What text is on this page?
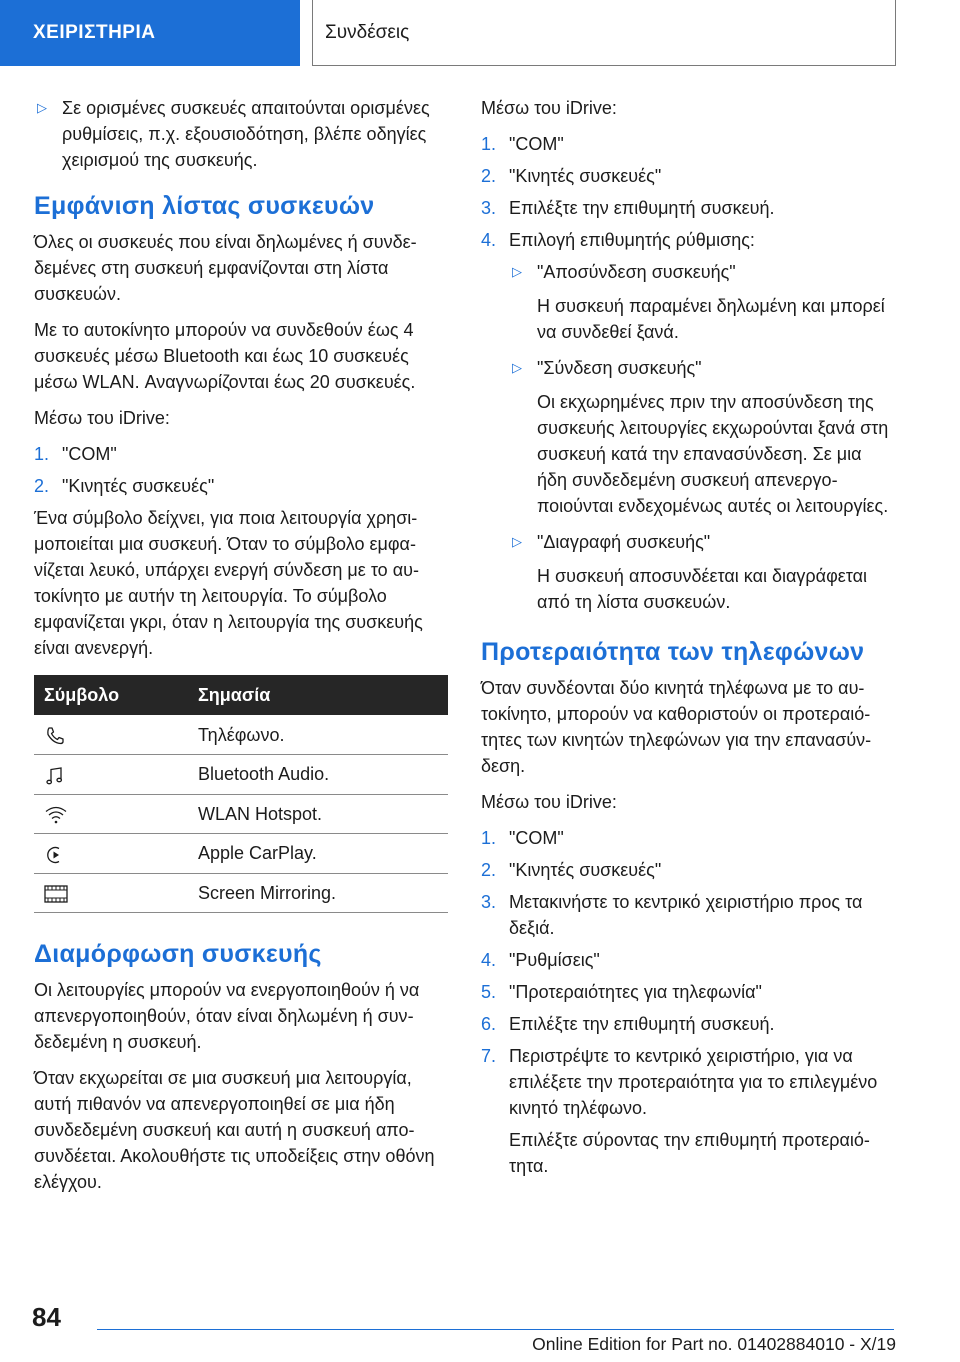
ΧΕΙΡΙΣΤΗΡΙΑ	Συνδέσεις
▷ Σε ορισμένες συσκευές απαιτούνται ορισμένες ρυθμίσεις, π.χ. εξουσιοδότηση, βλέπε οδηγίες χειρισμού της συσκευής.
Εμφάνιση λίστας συσκευών

Όλες οι συσκευές που είναι δηλωμένες ή συνδεδεμένες στη συσκευή εμφανίζονται στη λίστα συσκευών.

Με το αυτοκίνητο μπορούν να συνδεθούν έως 4 συσκευές μέσω Bluetooth και έως 10 συσκευές μέσω WLAN. Αναγνωρίζονται έως 20 συσκευές.

Μέσω του iDrive:

1. "COM"
2. "Κινητές συσκευές"

Ένα σύμβολο δείχνει, για ποια λειτουργία χρησιμοποιείται μια συσκευή. Όταν το σύμβολο εμφανίζεται λευκό, υπάρχει ενεργή σύνδεση με το αυτοκίνητο με αυτήν τη λειτουργία. Το σύμβολο εμφανίζεται γκρι, όταν η λειτουργία της συσκευής είναι ανενεργή.

Σύμβολο	Σημασία
	Τηλέφωνο.
	Bluetooth Audio.
	WLAN Hotspot.
	Apple CarPlay.
	Screen Mirroring.
Διαμόρφωση συσκευής

Οι λειτουργίες μπορούν να ενεργοποιηθούν ή να απενεργοποιηθούν, όταν είναι δηλωμένη ή συνδεδεμένη η συσκευή.

Όταν εκχωρείται σε μια συσκευή μια λειτουργία, αυτή πιθανόν να απενεργοποιηθεί σε μια ήδη συνδεδεμένη συσκευή και αυτή η συσκευή αποσυνδέεται. Ακολουθήστε τις υποδείξεις στην οθόνη ελέγχου.

Μέσω του iDrive:

1. "COM"
2. "Κινητές συσκευές"
3. Επιλέξτε την επιθυμητή συσκευή.
4. Επιλογή επιθυμητής ρύθμισης:
▷ "Αποσύνδεση συσκευής"
Η συσκευή παραμένει δηλωμένη και μπορεί να συνδεθεί ξανά.
▷ "Σύνδεση συσκευής"
Οι εκχωρημένες πριν την αποσύνδεση της συσκευής λειτουργίες εκχωρούνται ξανά στη συσκευή κατά την επανασύνδεση. Σε μια ήδη συνδεδεμένη συσκευή απενεργοποιούνται ενδεχομένως αυτές οι λειτουργίες.
▷ "Διαγραφή συσκευής"
Η συσκευή αποσυνδέεται και διαγράφεται από τη λίστα συσκευών.
Προτεραιότητα των τηλεφώνων

Όταν συνδέονται δύο κινητά τηλέφωνα με το αυτοκίνητο, μπορούν να καθοριστούν οι προτεραιότητες των κινητών τηλεφώνων για την επανασύνδεση.

Μέσω του iDrive:

1. "COM"
2. "Κινητές συσκευές"
3. Μετακινήστε το κεντρικό χειριστήριο προς τα δεξιά.
4. "Ρυθμίσεις"
5. "Προτεραιότητες για τηλεφωνία"
6. Επιλέξτε την επιθυμητή συσκευή.
7. Περιστρέψτε το κεντρικό χειριστήριο, για να επιλέξετε την προτεραιότητα για το επιλεγμένο κινητό τηλέφωνο.
Επιλέξτε σύροντας την επιθυμητή προτεραιότητα.
84
Online Edition for Part no. 01402884010 - X/19
